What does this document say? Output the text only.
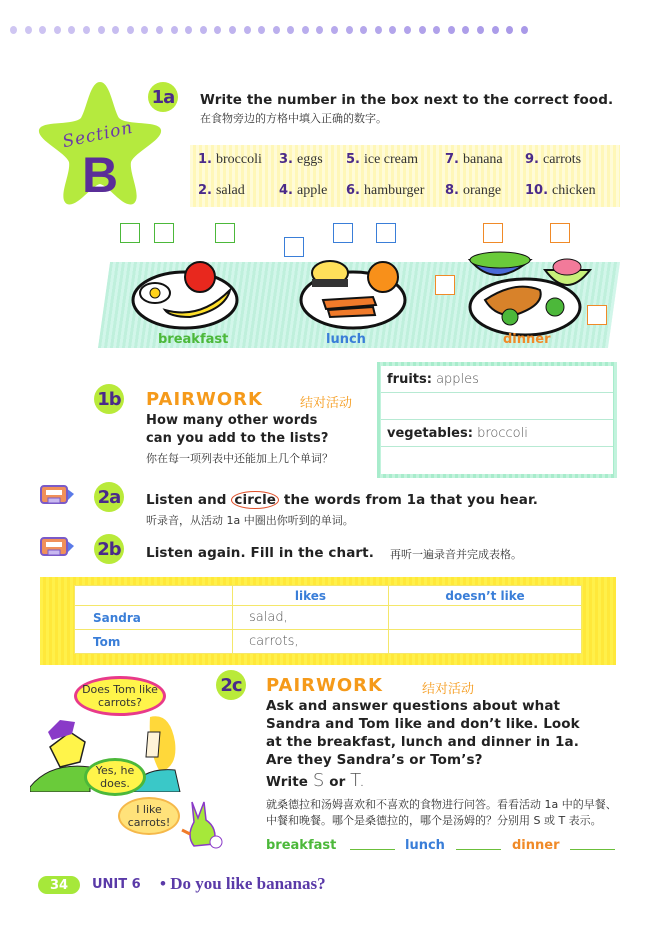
Section
B
1a Write the number in the box next to the correct food.
在食物旁边的方格中填入正确的数字。
1. broccoli
2. salad
3. eggs
4. apple
5. ice cream
6. hamburger
7. banana
8. orange
9. carrots
10. chicken
breakfast	lunch	dinner
1b PAIRWORK	结对活动
How many other words
can you add to the lists?
你在每一项列表中还能加上几个单词？
fruits: apples
vegetables: broccoli
2a Listen and circle the words from 1a that you hear.
听录音，从活动 1a 中圈出你听到的单词。
2b Listen again. Fill in the chart. 再听一遍录音并完成表格。
	likes	doesn’t like
Sandra	salad,	
Tom	carrots,	
Does Tom like carrots?
Yes, he does.
I like carrots!
2c PAIRWORK	结对活动
Ask and answer questions about what
Sandra and Tom like and don’t like. Look
at the breakfast, lunch and dinner in 1a.
Are they Sandra’s or Tom’s?
Write S or T.
就桑德拉和汤姆喜欢和不喜欢的食物进行问答。看看活动 1a 中的早餐、
中餐和晚餐。哪个是桑德拉的，哪个是汤姆的？分别用 S 或 T 表示。
breakfast	lunch	dinner
34	UNIT 6 • Do you like bananas?
